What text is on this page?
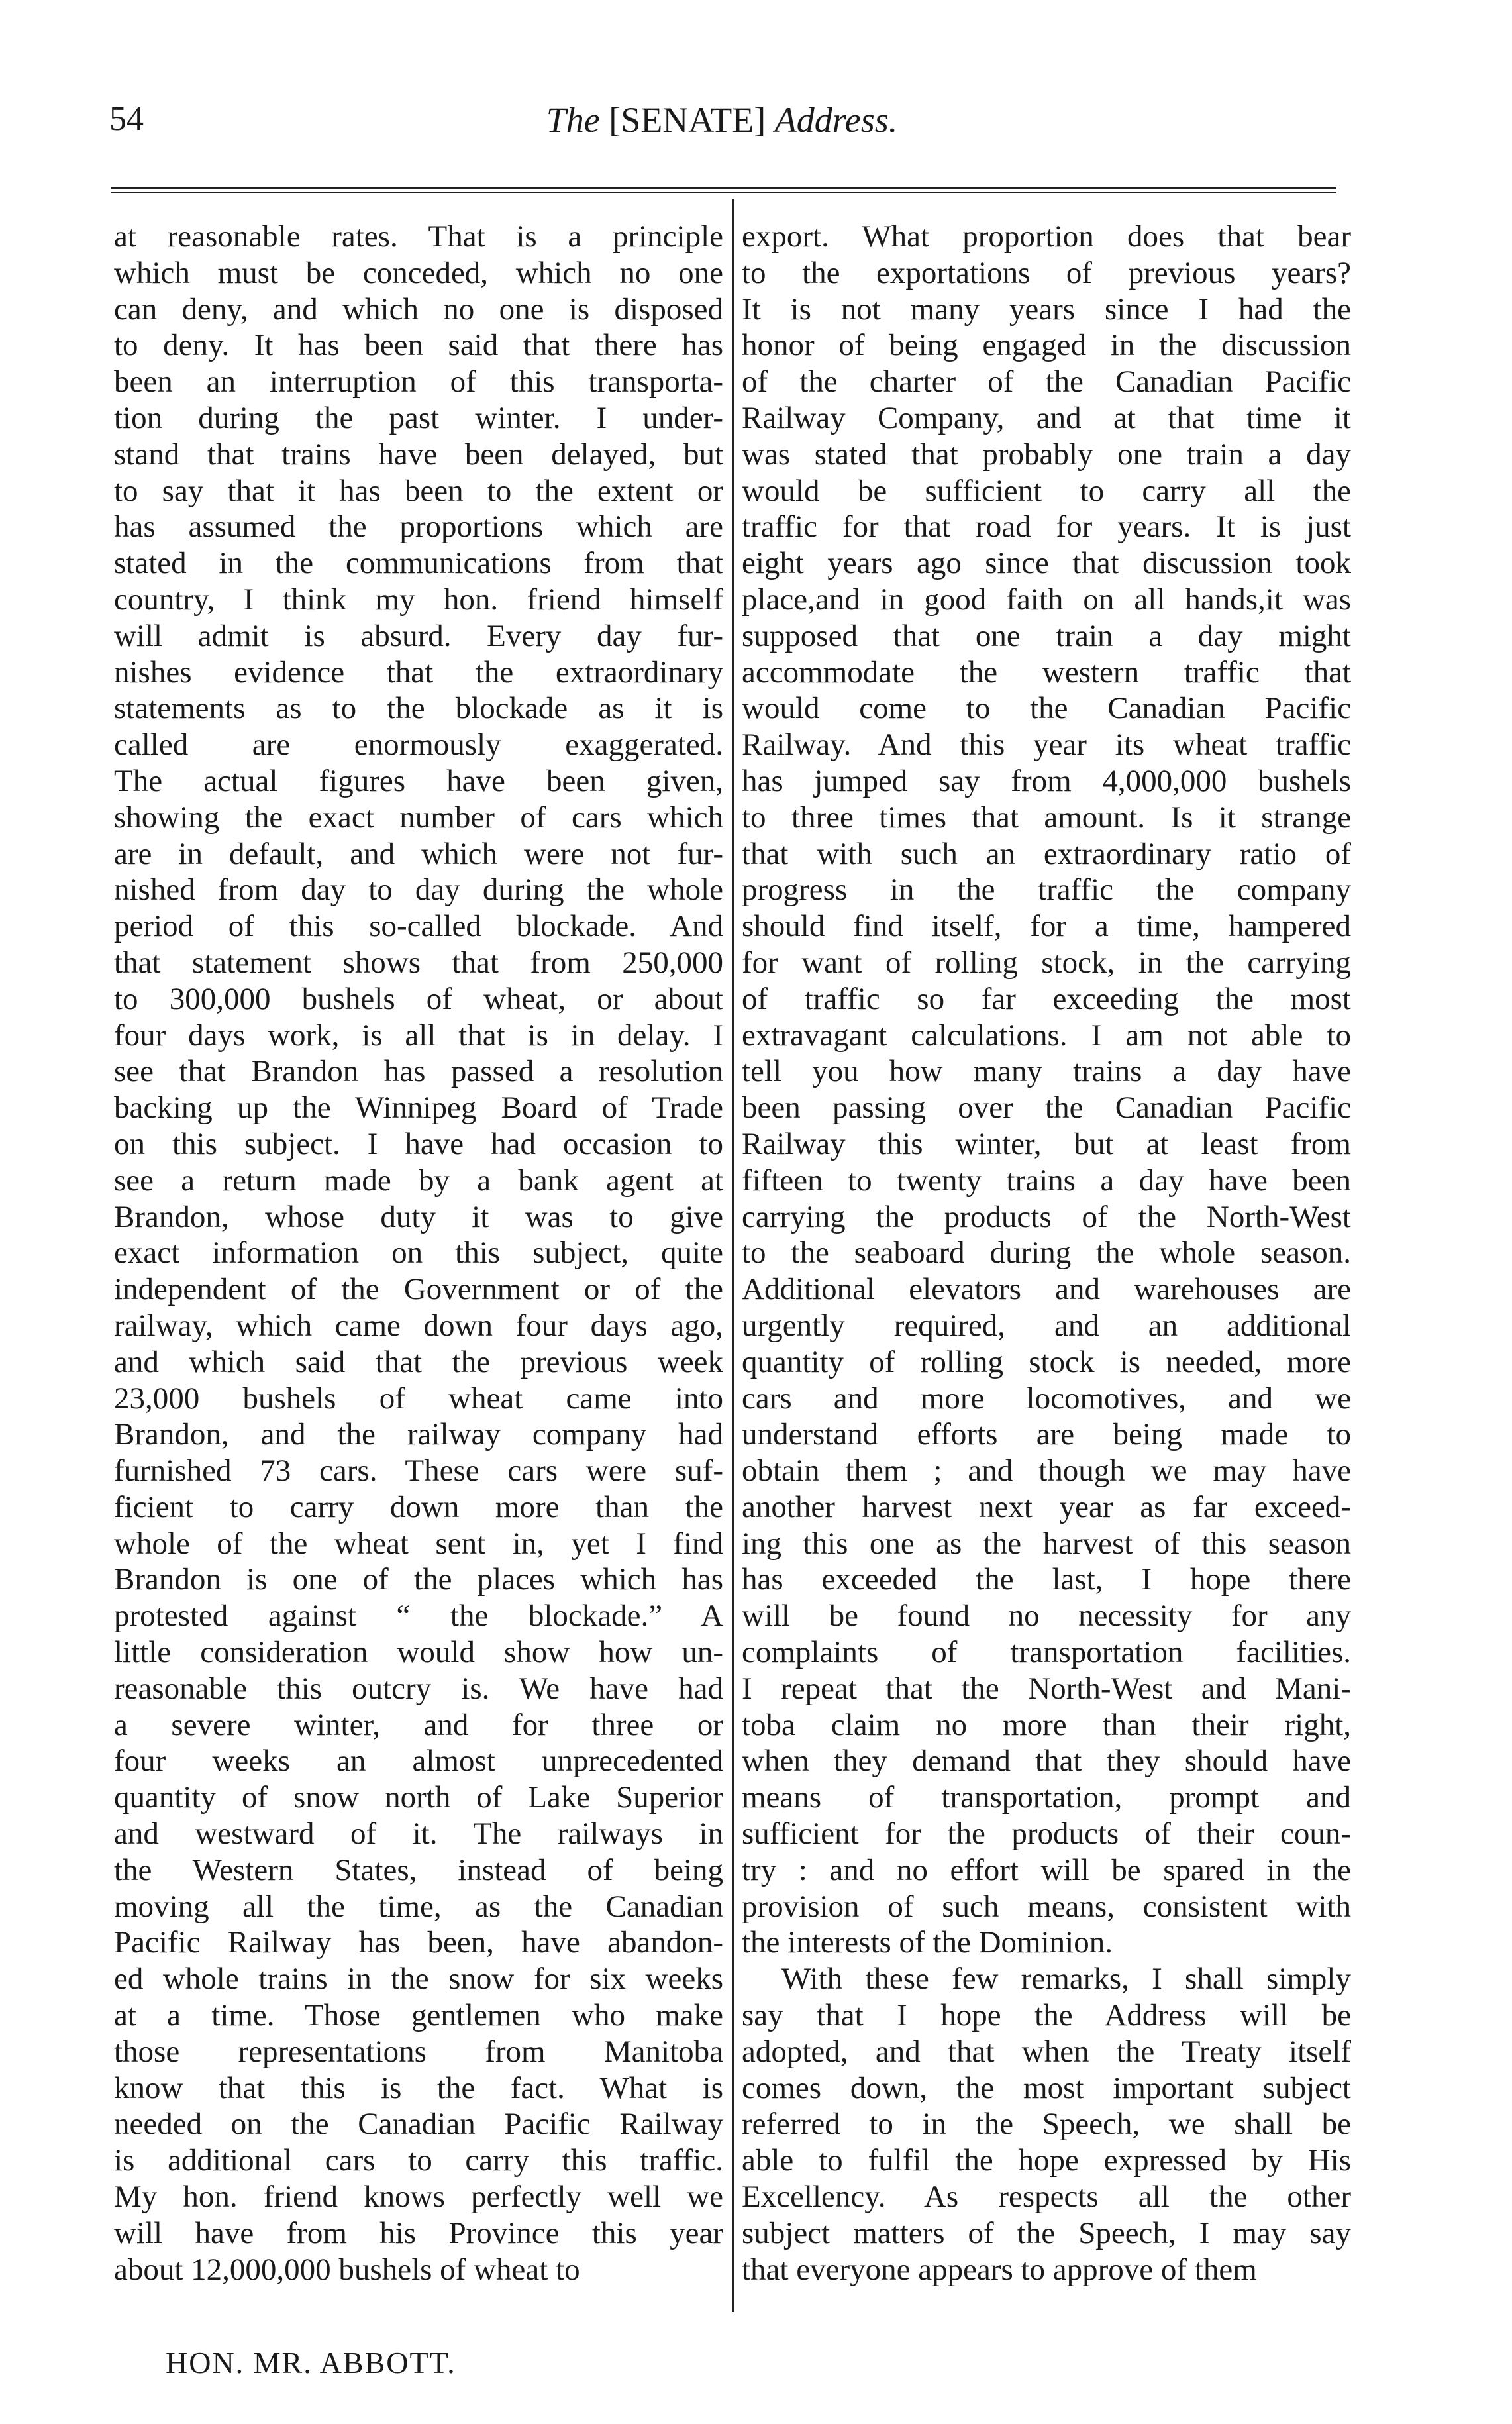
54	The [SENATE] Address.
at reasonable rates. That is a principle
which must be conceded, which no one
can deny, and which no one is disposed
to deny. It has been said that there has
been an interruption of this transporta-
tion during the past winter. I under-
stand that trains have been delayed, but
to say that it has been to the extent or
has assumed the proportions which are
stated in the communications from that
country, I think my hon. friend himself
will admit is absurd. Every day fur-
nishes evidence that the extraordinary
statements as to the blockade as it is
called are enormously exaggerated.
The actual figures have been given,
showing the exact number of cars which
are in default, and which were not fur-
nished from day to day during the whole
period of this so-called blockade. And
that statement shows that from 250,000
to 300,000 bushels of wheat, or about
four days work, is all that is in delay. I
see that Brandon has passed a resolution
backing up the Winnipeg Board of Trade
on this subject. I have had occasion to
see a return made by a bank agent at
Brandon, whose duty it was to give
exact information on this subject, quite
independent of the Government or of the
railway, which came down four days ago,
and which said that the previous week
23,000 bushels of wheat came into
Brandon, and the railway company had
furnished 73 cars. These cars were suf-
ficient to carry down more than the
whole of the wheat sent in, yet I find
Brandon is one of the places which has
protested against “ the blockade.” A
little consideration would show how un-
reasonable this outcry is. We have had
a severe winter, and for three or
four weeks an almost unprecedented
quantity of snow north of Lake Superior
and westward of it. The railways in
the Western States, instead of being
moving all the time, as the Canadian
Pacific Railway has been, have abandon-
ed whole trains in the snow for six weeks
at a time. Those gentlemen who make
those representations from Manitoba
know that this is the fact. What is
needed on the Canadian Pacific Railway
is additional cars to carry this traffic.
My hon. friend knows perfectly well we
will have from his Province this year
about 12,000,000 bushels of wheat to
export. What proportion does that bear
to the exportations of previous years?
It is not many years since I had the
honor of being engaged in the discussion
of the charter of the Canadian Pacific
Railway Company, and at that time it
was stated that probably one train a day
would be sufficient to carry all the
traffic for that road for years. It is just
eight years ago since that discussion took
place,and in good faith on all hands,it was
supposed that one train a day might
accommodate the western traffic that
would come to the Canadian Pacific
Railway. And this year its wheat traffic
has jumped say from 4,000,000 bushels
to three times that amount. Is it strange
that with such an extraordinary ratio of
progress in the traffic the company
should find itself, for a time, hampered
for want of rolling stock, in the carrying
of traffic so far exceeding the most
extravagant calculations. I am not able to
tell you how many trains a day have
been passing over the Canadian Pacific
Railway this winter, but at least from
fifteen to twenty trains a day have been
carrying the products of the North-West
to the seaboard during the whole season.
Additional elevators and warehouses are
urgently required, and an additional
quantity of rolling stock is needed, more
cars and more locomotives, and we
understand efforts are being made to
obtain them ; and though we may have
another harvest next year as far exceed-
ing this one as the harvest of this season
has exceeded the last, I hope there
will be found no necessity for any
complaints of transportation facilities.
I repeat that the North-West and Mani-
toba claim no more than their right,
when they demand that they should have
means of transportation, prompt and
sufficient for the products of their coun-
try : and no effort will be spared in the
provision of such means, consistent with
the interests of the Dominion.
With these few remarks, I shall simply
say that I hope the Address will be
adopted, and that when the Treaty itself
comes down, the most important subject
referred to in the Speech, we shall be
able to fulfil the hope expressed by His
Excellency. As respects all the other
subject matters of the Speech, I may say
that everyone appears to approve of them
HON. MR. ABBOTT.
